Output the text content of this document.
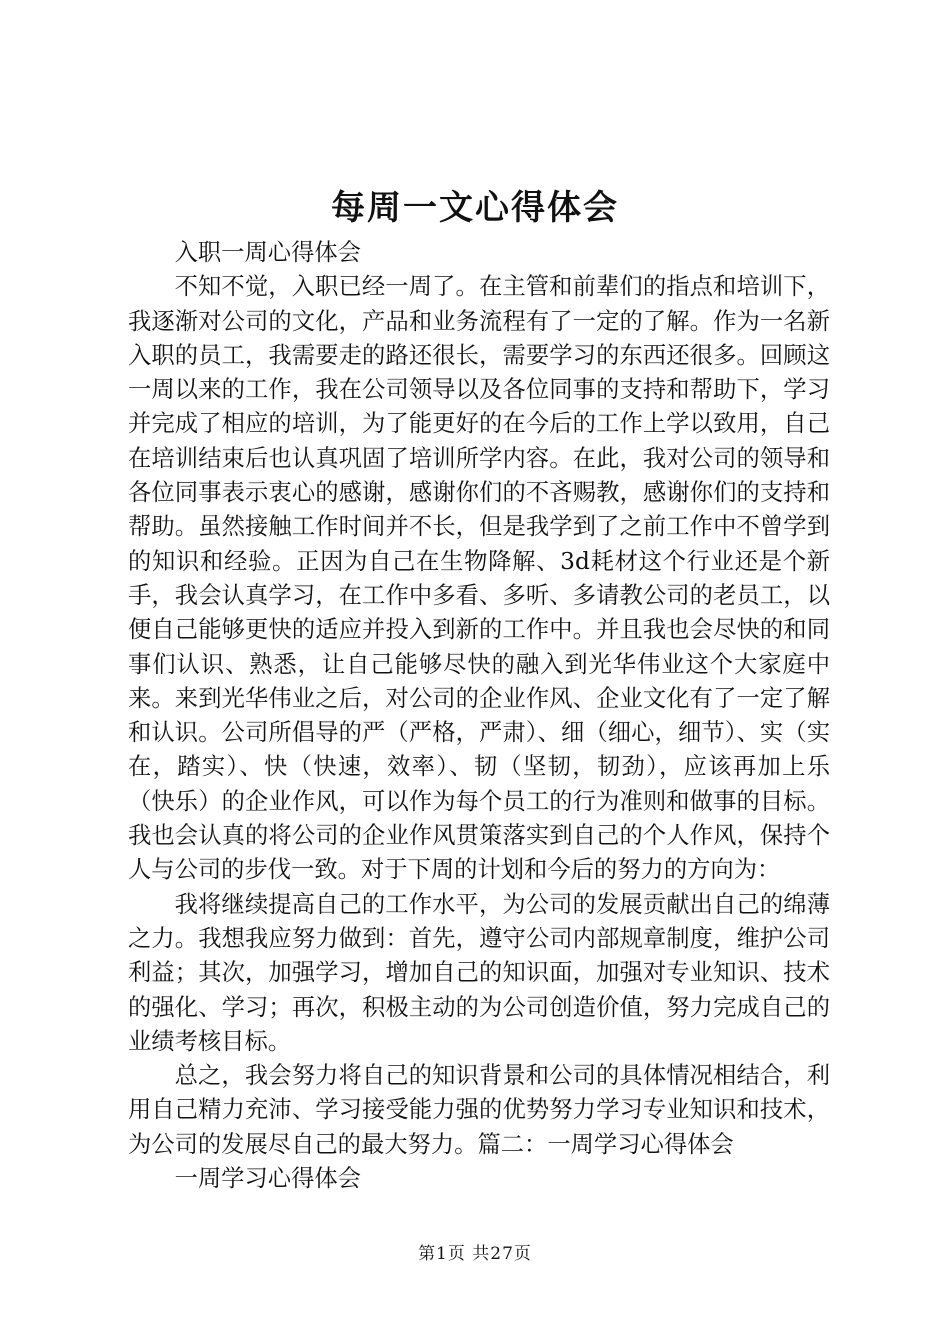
每周一文心得体会

入职一周心得体会

不知不觉，入职已经一周了。在主管和前辈们的指点和培训下，我逐渐对公司的文化，产品和业务流程有了一定的了解。作为一名新入职的员工，我需要走的路还很长，需要学习的东西还很多。回顾这一周以来的工作，我在公司领导以及各位同事的支持和帮助下，学习并完成了相应的培训，为了能更好的在今后的工作上学以致用，自己在培训结束后也认真巩固了培训所学内容。在此，我对公司的领导和各位同事表示衷心的感谢，感谢你们的不吝赐教，感谢你们的支持和帮助。虽然接触工作时间并不长，但是我学到了之前工作中不曾学到的知识和经验。正因为自己在生物降解、3d耗材这个行业还是个新手，我会认真学习，在工作中多看、多听、多请教公司的老员工，以便自己能够更快的适应并投入到新的工作中。并且我也会尽快的和同事们认识、熟悉，让自己能够尽快的融入到光华伟业这个大家庭中来。来到光华伟业之后，对公司的企业作风、企业文化有了一定了解和认识。公司所倡导的严（严格，严肃）、细（细心，细节）、实（实在，踏实）、快（快速，效率）、韧（坚韧，韧劲），应该再加上乐（快乐）的企业作风，可以作为每个员工的行为准则和做事的目标。我也会认真的将公司的企业作风贯策落实到自己的个人作风，保持个人与公司的步伐一致。对于下周的计划和今后的努力的方向为：

我将继续提高自己的工作水平，为公司的发展贡献出自己的绵薄之力。我想我应努力做到：首先，遵守公司内部规章制度，维护公司利益；其次，加强学习，增加自己的知识面，加强对专业知识、技术的强化、学习；再次，积极主动的为公司创造价值，努力完成自己的业绩考核目标。

总之，我会努力将自己的知识背景和公司的具体情况相结合，利用自己精力充沛、学习接受能力强的优势努力学习专业知识和技术，为公司的发展尽自己的最大努力。篇二：一周学习心得体会

一周学习心得体会

第1页 共27页
